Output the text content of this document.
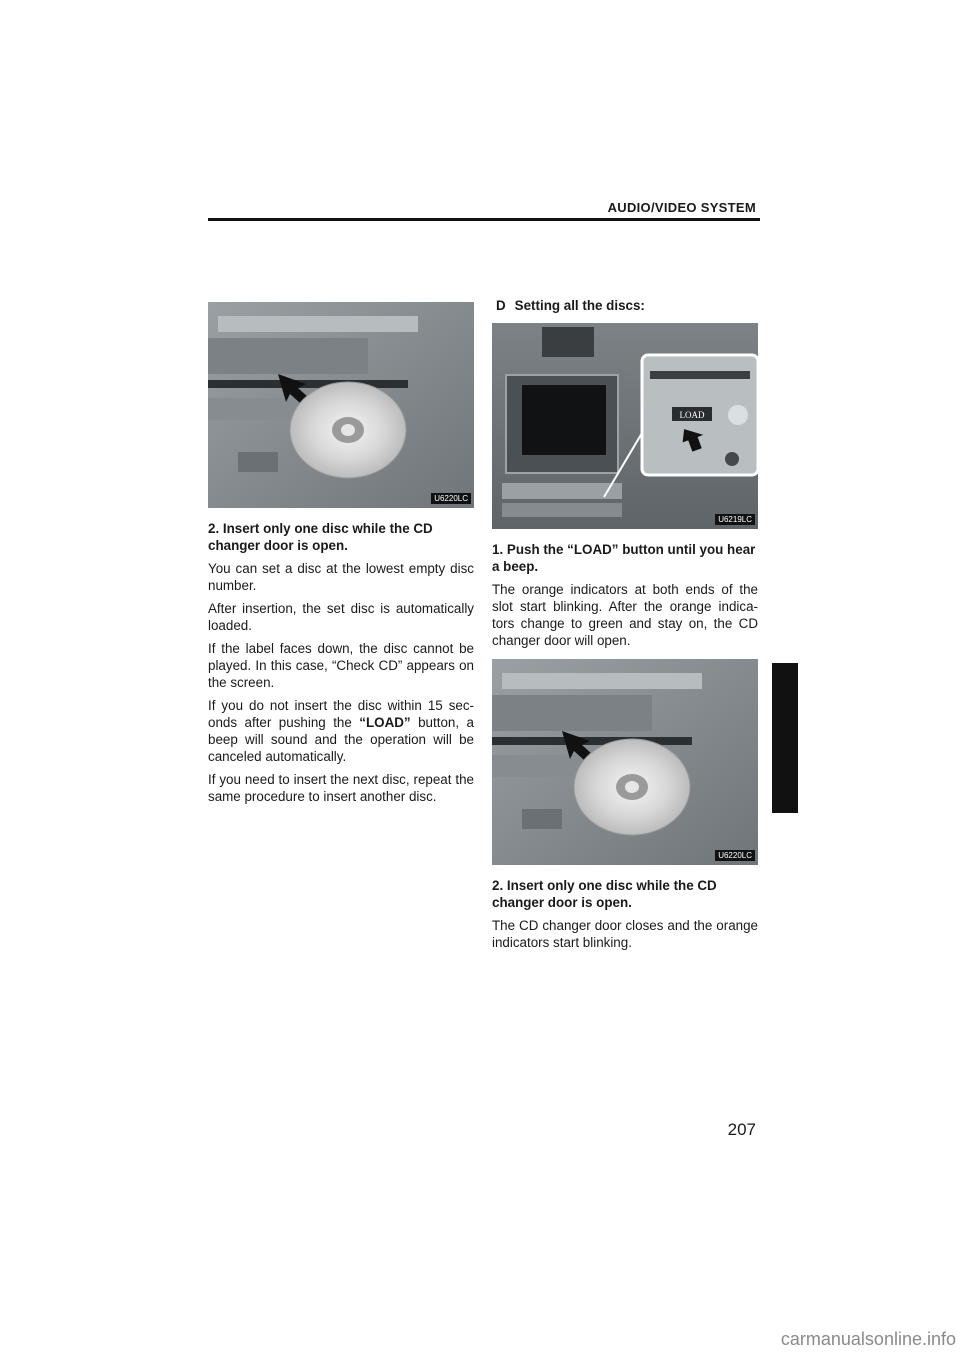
AUDIO/VIDEO SYSTEM
U6220LC

2. Insert only one disc while the CD changer door is open.

You can set a disc at the lowest empty disc number.

After insertion, the set disc is automatically loaded.

If the label faces down, the disc cannot be played. In this case, “Check CD” appears on the screen.

If you do not insert the disc within 15 sec-onds after pushing the “LOAD” button, a beep will sound and the operation will be canceled automatically.

If you need to insert the next disc, repeat the same procedure to insert another disc.

D Setting all the discs:

LOAD
U6219LC

1. Push the “LOAD” button until you hear a beep.

The orange indicators at both ends of the slot start blinking. After the orange indica-tors change to green and stay on, the CD changer door will open.

U6220LC

2. Insert only one disc while the CD changer door is open.

The CD changer door closes and the orange indicators start blinking.

207
carmanualsonline.info
